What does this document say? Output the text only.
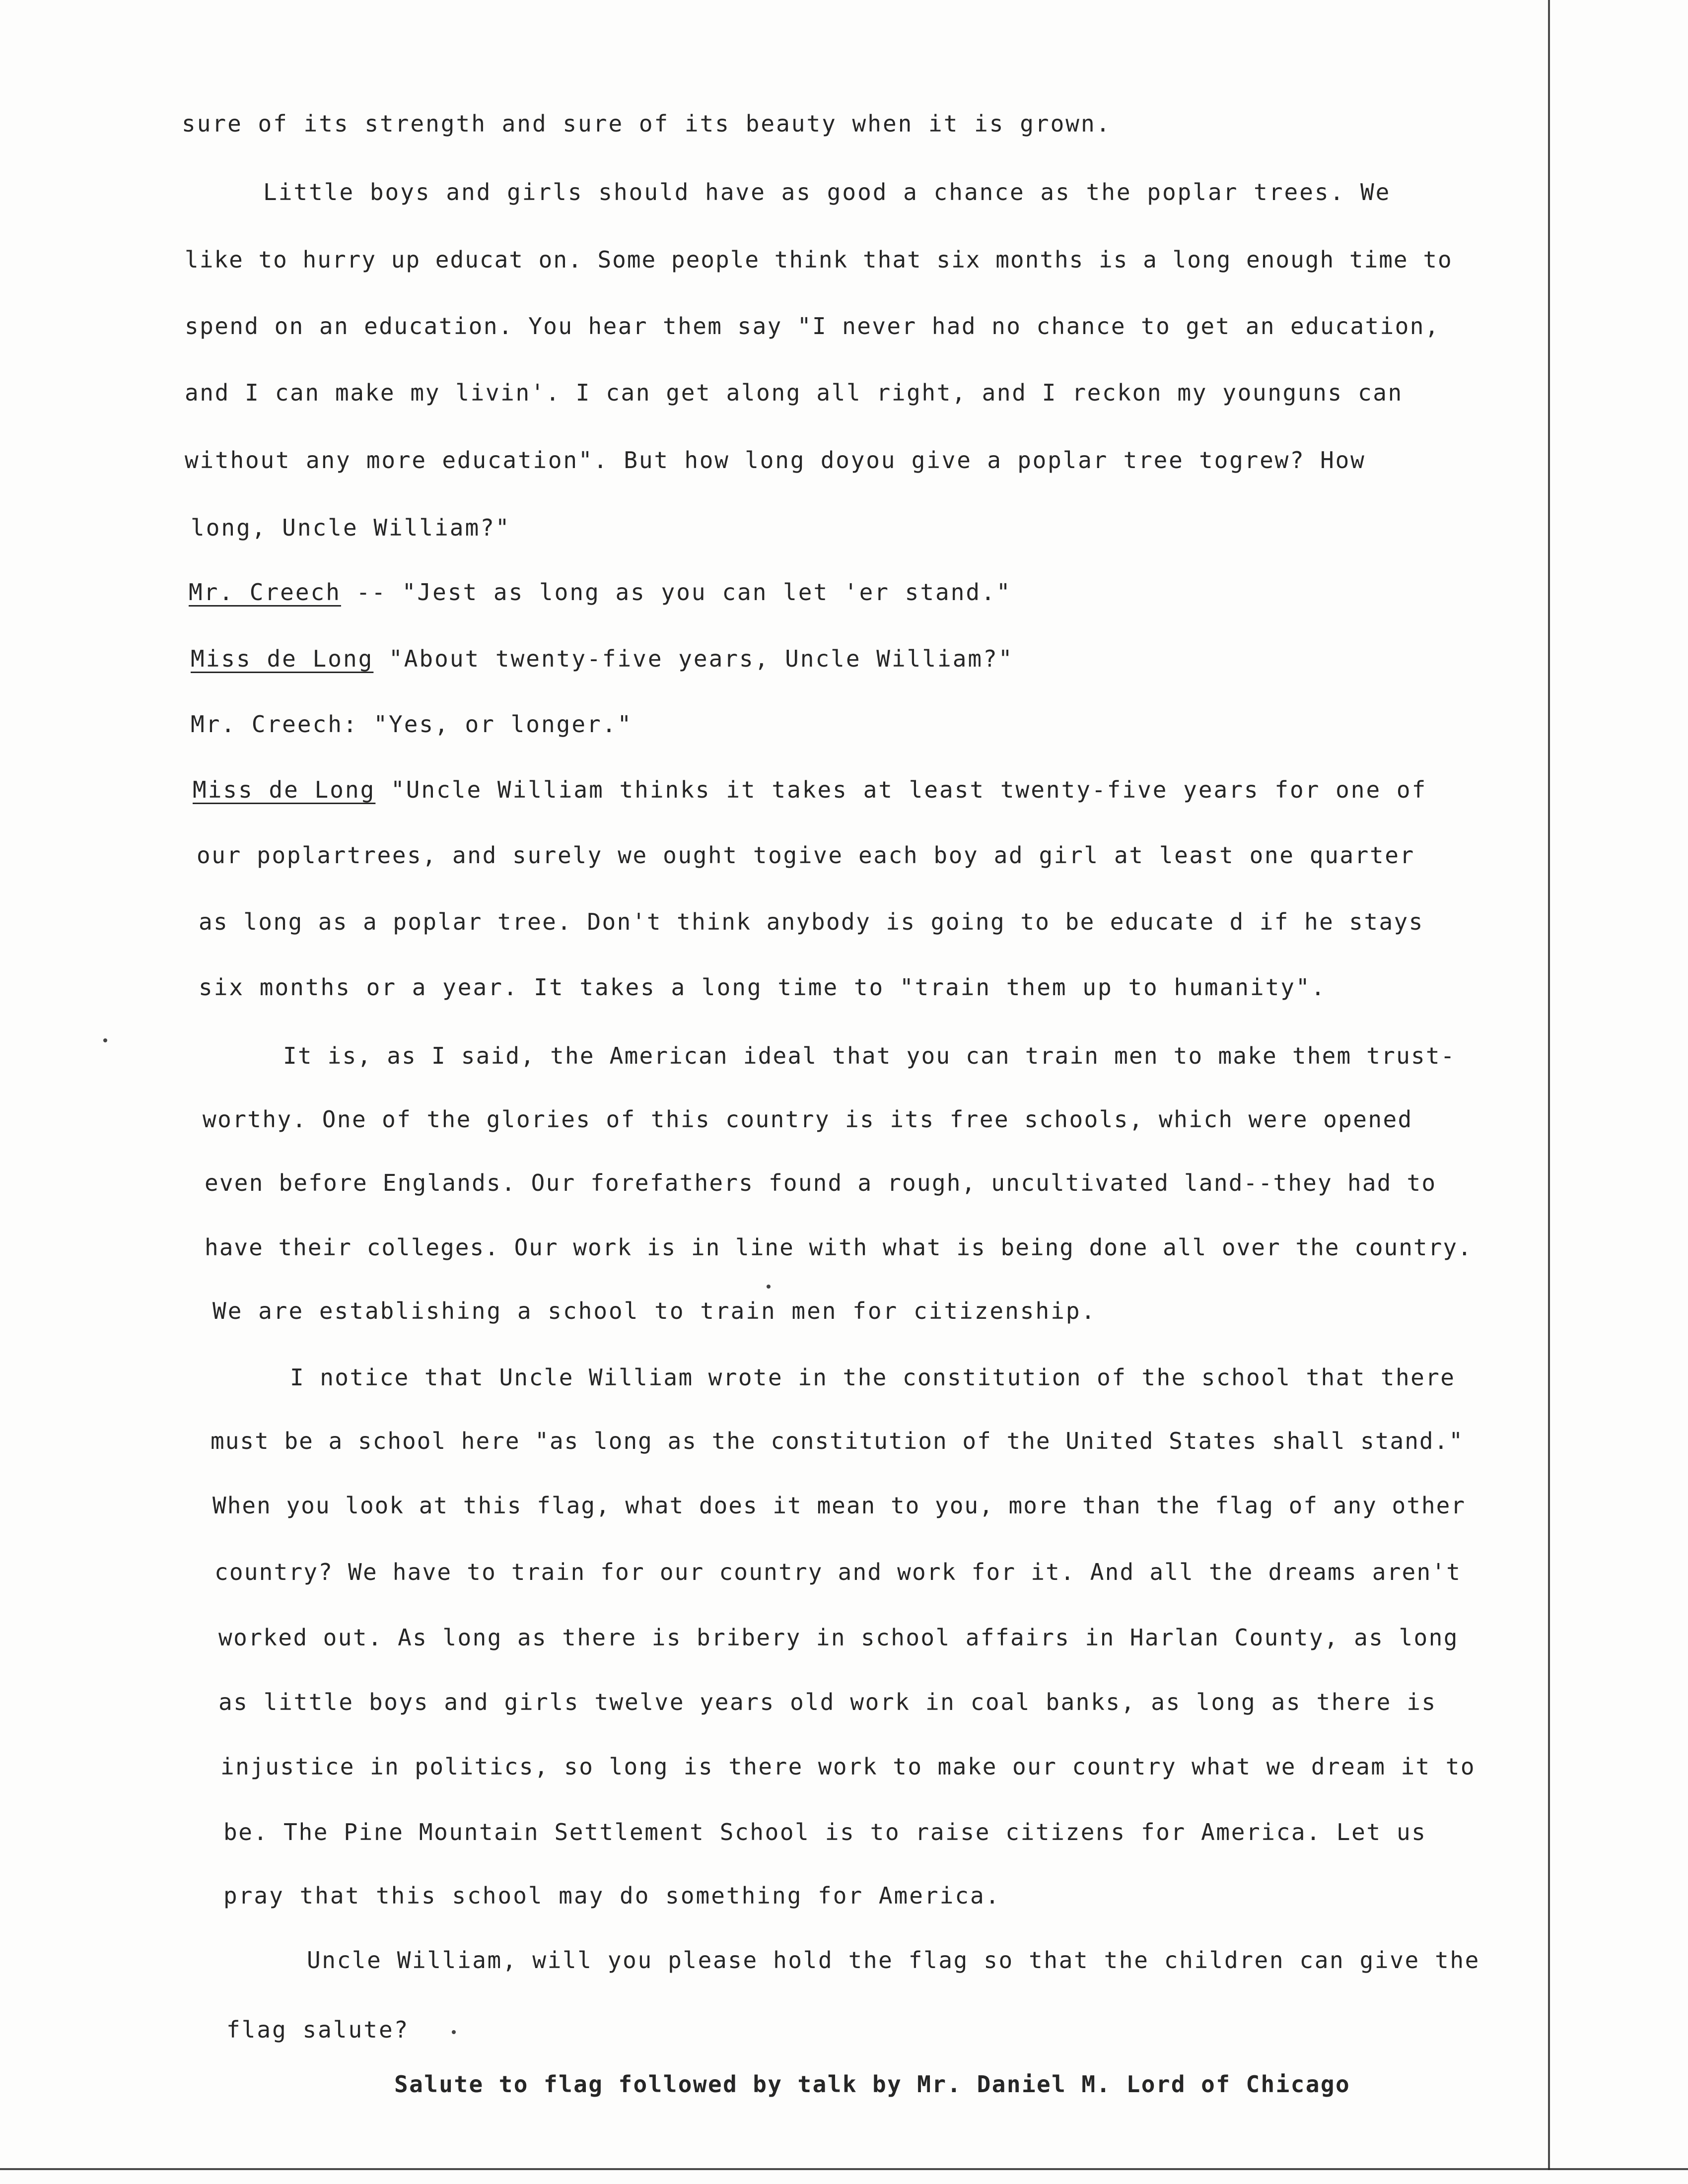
sure of its strength and sure of its beauty when it is grown.
Little boys and girls should have as good a chance as the poplar trees. We
like to hurry up educat on. Some people think that six months is a long enough time to
spend on an education. You hear them say "I never had no chance to get an education,
and I can make my livin'. I can get along all right, and I reckon my younguns can
without any more education". But how long doyou give a poplar tree togrew? How
long, Uncle William?"
Mr. Creech -- "Jest as long as you can let 'er stand."
Miss de Long "About twenty-five years, Uncle William?"
Mr. Creech: "Yes, or longer."
Miss de Long "Uncle William thinks it takes at least twenty-five years for one of
our poplartrees, and surely we ought togive each boy ad girl at least one quarter
as long as a poplar tree. Don't think anybody is going to be educate d if he stays
six months or a year. It takes a long time to "train them up to humanity".
It is, as I said, the American ideal that you can train men to make them trust-
worthy. One of the glories of this country is its free schools, which were opened
even before Englands. Our forefathers found a rough, uncultivated land--they had to
have their colleges. Our work is in line with what is being done all over the country.
We are establishing a school to train men for citizenship.
I notice that Uncle William wrote in the constitution of the school that there
must be a school here "as long as the constitution of the United States shall stand."
When you look at this flag, what does it mean to you, more than the flag of any other
country? We have to train for our country and work for it. And all the dreams aren't
worked out. As long as there is bribery in school affairs in Harlan County, as long
as little boys and girls twelve years old work in coal banks, as long as there is
injustice in politics, so long is there work to make our country what we dream it to
be. The Pine Mountain Settlement School is to raise citizens for America. Let us
pray that this school may do something for America.
Uncle William, will you please hold the flag so that the children can give the
flag salute?
Salute to flag followed by talk by Mr. Daniel M. Lord of Chicago
